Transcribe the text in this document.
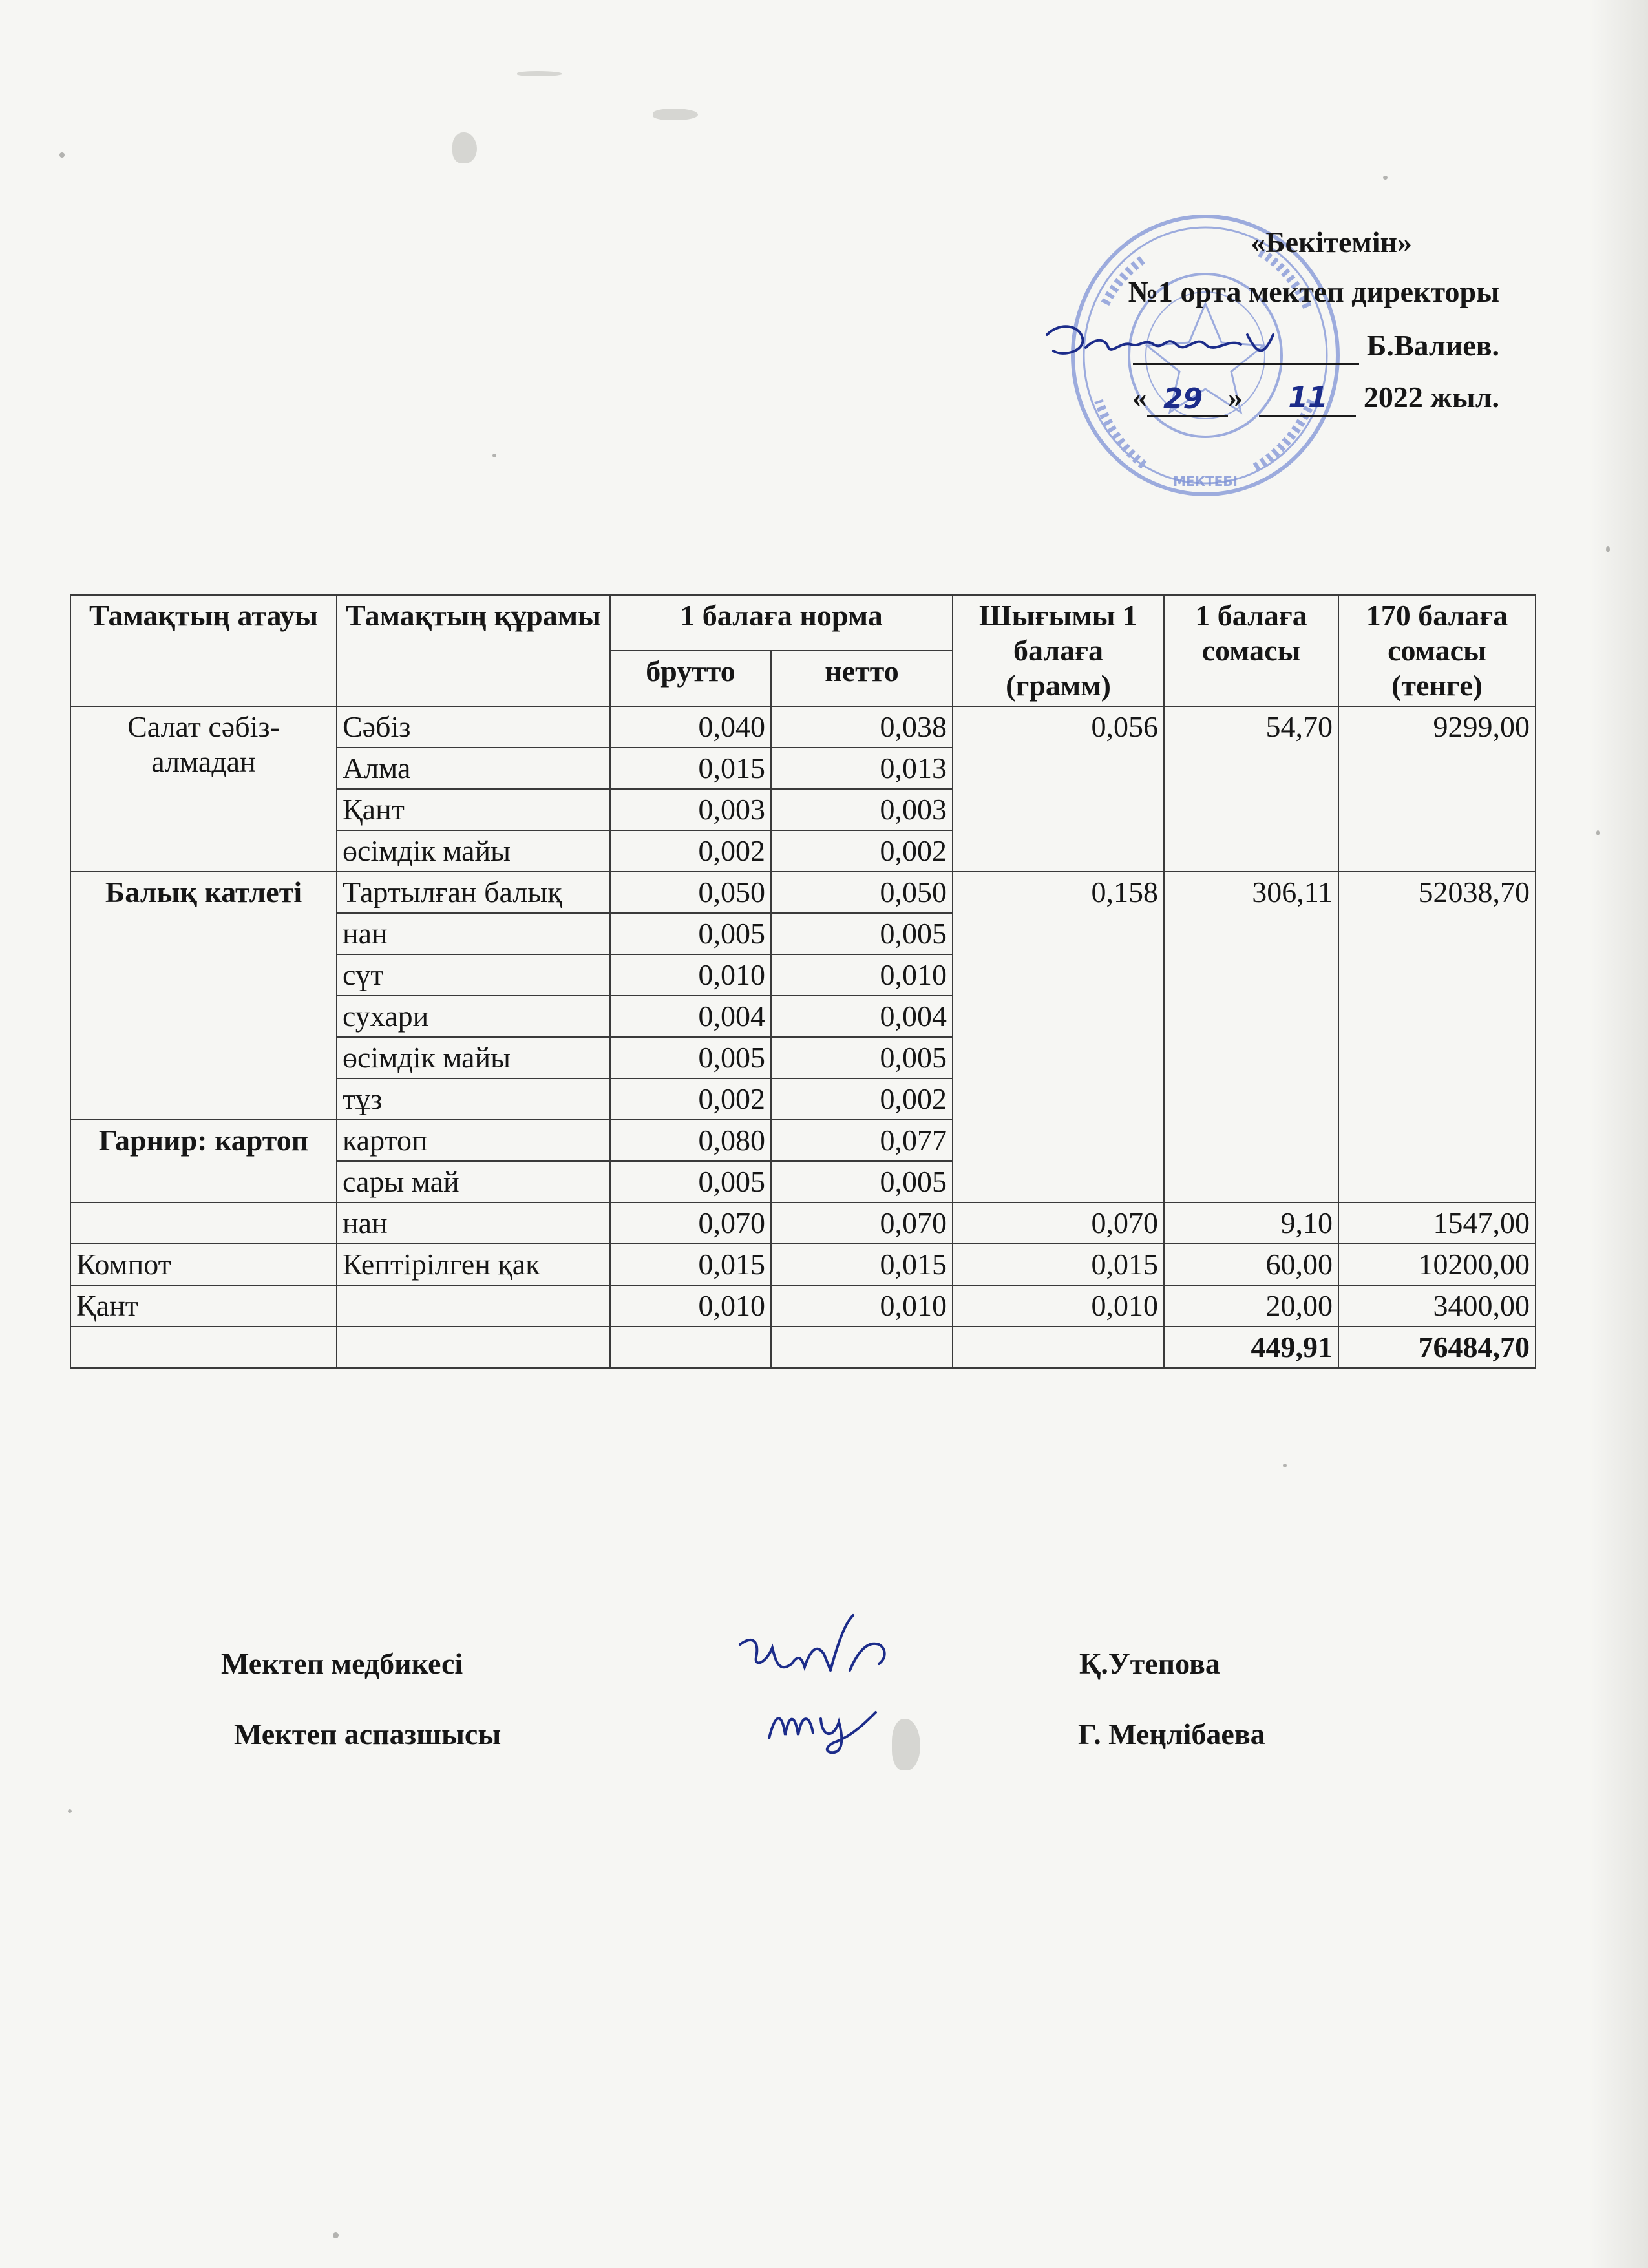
МЕКТЕБІ
«Бекітемін»
№1 орта мектеп директоры
Б.Валиев.
« 29 » 11 2022 жыл.
Тамақтың атауы	Тамақтың құрамы	1 балаға норма		Шығымы 1 балаға (грамм)	1 балаға сомасы	170 балаға сомасы (тенге)
		брутто	нетто			
Салат сәбіз-алмадан	Сәбіз	0,040	0,038	0,056	54,70	9299,00
	Алма	0,015	0,013			
	Қант	0,003	0,003			
	өсімдік майы	0,002	0,002			
Балық катлеті	Тартылған балық	0,050	0,050	0,158	306,11	52038,70
	нан	0,005	0,005			
	сүт	0,010	0,010			
	сухари	0,004	0,004			
	өсімдік майы	0,005	0,005			
	тұз	0,002	0,002			
Гарнир: картоп	картоп	0,080	0,077			
	сары май	0,005	0,005			
	нан	0,070	0,070	0,070	9,10	1547,00
Компот	Кептірілген қак	0,015	0,015	0,015	60,00	10200,00
Қант		0,010	0,010	0,010	20,00	3400,00
					449,91	76484,70
Мектеп медбикесі	Қ.Утепова
Мектеп аспазшысы	Г. Меңлібаева
